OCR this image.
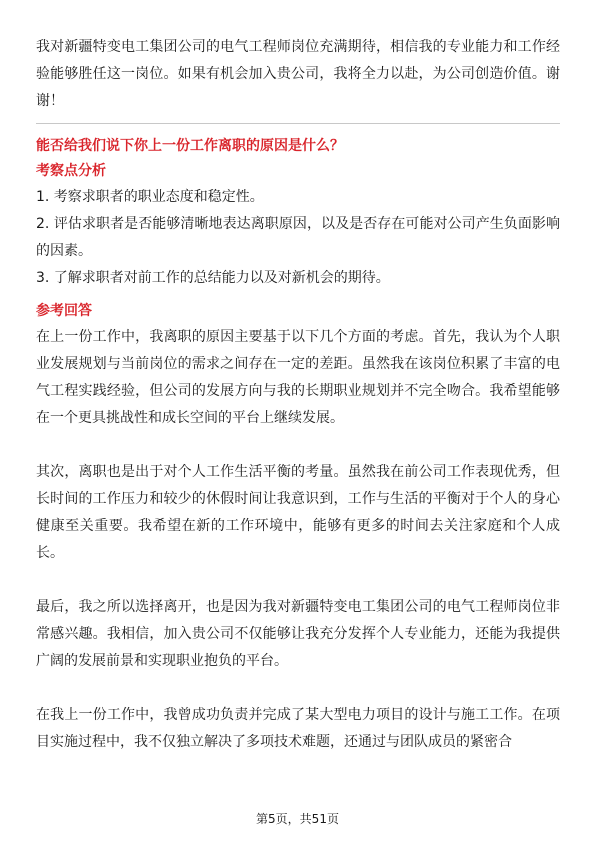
我对新疆特变电工集团公司的电气工程师岗位充满期待，相信我的专业能力和工作经验能够胜任这一岗位。如果有机会加入贵公司，我将全力以赴，为公司创造价值。谢谢！

能否给我们说下你上一份工作离职的原因是什么？
考察点分析

1. 考察求职者的职业态度和稳定性。

2. 评估求职者是否能够清晰地表达离职原因，以及是否存在可能对公司产生负面影响的因素。

3. 了解求职者对前工作的总结能力以及对新机会的期待。

参考回答

在上一份工作中，我离职的原因主要基于以下几个方面的考虑。首先，我认为个人职业发展规划与当前岗位的需求之间存在一定的差距。虽然我在该岗位积累了丰富的电气工程实践经验，但公司的发展方向与我的长期职业规划并不完全吻合。我希望能够在一个更具挑战性和成长空间的平台上继续发展。

其次，离职也是出于对个人工作生活平衡的考量。虽然我在前公司工作表现优秀，但长时间的工作压力和较少的休假时间让我意识到，工作与生活的平衡对于个人的身心健康至关重要。我希望在新的工作环境中，能够有更多的时间去关注家庭和个人成长。

最后，我之所以选择离开，也是因为我对新疆特变电工集团公司的电气工程师岗位非常感兴趣。我相信，加入贵公司不仅能够让我充分发挥个人专业能力，还能为我提供广阔的发展前景和实现职业抱负的平台。

在我上一份工作中，我曾成功负责并完成了某大型电力项目的设计与施工工作。在项目实施过程中，我不仅独立解决了多项技术难题，还通过与团队成员的紧密合

第5页，共51页
